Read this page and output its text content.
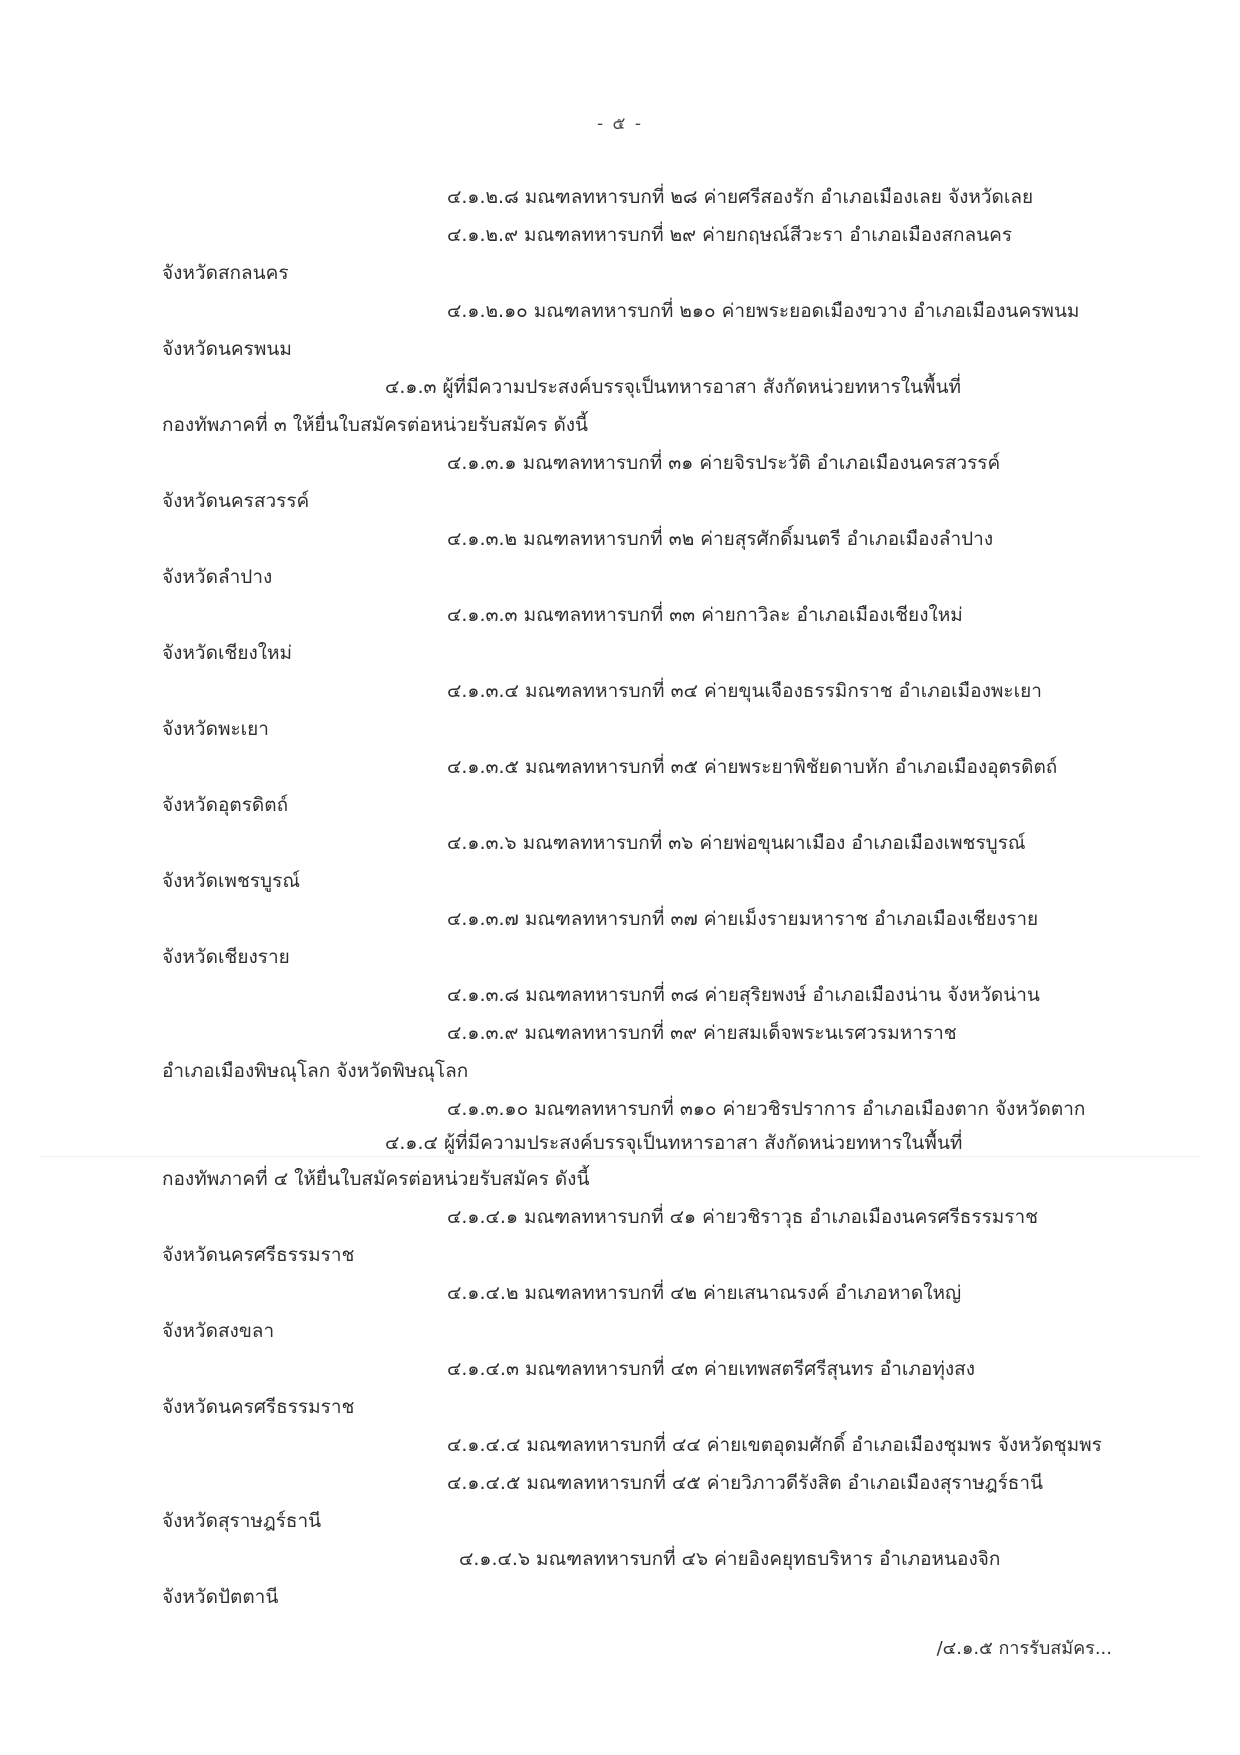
- ๕ -
๔.๑.๒.๘ มณฑลทหารบกที่ ๒๘ ค่ายศรีสองรัก อำเภอเมืองเลย จังหวัดเลย
๔.๑.๒.๙ มณฑลทหารบกที่ ๒๙ ค่ายกฤษณ์สีวะรา อำเภอเมืองสกลนคร
จังหวัดสกลนคร
๔.๑.๒.๑๐ มณฑลทหารบกที่ ๒๑๐ ค่ายพระยอดเมืองขวาง อำเภอเมืองนครพนม
จังหวัดนครพนม
๔.๑.๓ ผู้ที่มีความประสงค์บรรจุเป็นทหารอาสา สังกัดหน่วยทหารในพื้นที่
กองทัพภาคที่ ๓ ให้ยื่นใบสมัครต่อหน่วยรับสมัคร ดังนี้
๔.๑.๓.๑ มณฑลทหารบกที่ ๓๑ ค่ายจิรประวัติ อำเภอเมืองนครสวรรค์
จังหวัดนครสวรรค์
๔.๑.๓.๒ มณฑลทหารบกที่ ๓๒ ค่ายสุรศักดิ์มนตรี อำเภอเมืองลำปาง
จังหวัดลำปาง
๔.๑.๓.๓ มณฑลทหารบกที่ ๓๓ ค่ายกาวิละ อำเภอเมืองเชียงใหม่
จังหวัดเชียงใหม่
๔.๑.๓.๔ มณฑลทหารบกที่ ๓๔ ค่ายขุนเจืองธรรมิกราช อำเภอเมืองพะเยา
จังหวัดพะเยา
๔.๑.๓.๕ มณฑลทหารบกที่ ๓๕ ค่ายพระยาพิชัยดาบหัก อำเภอเมืองอุตรดิตถ์
จังหวัดอุตรดิตถ์
๔.๑.๓.๖ มณฑลทหารบกที่ ๓๖ ค่ายพ่อขุนผาเมือง อำเภอเมืองเพชรบูรณ์
จังหวัดเพชรบูรณ์
๔.๑.๓.๗ มณฑลทหารบกที่ ๓๗ ค่ายเม็งรายมหาราช อำเภอเมืองเชียงราย
จังหวัดเชียงราย
๔.๑.๓.๘ มณฑลทหารบกที่ ๓๘ ค่ายสุริยพงษ์ อำเภอเมืองน่าน จังหวัดน่าน
๔.๑.๓.๙ มณฑลทหารบกที่ ๓๙ ค่ายสมเด็จพระนเรศวรมหาราช
อำเภอเมืองพิษณุโลก จังหวัดพิษณุโลก
๔.๑.๓.๑๐ มณฑลทหารบกที่ ๓๑๐ ค่ายวชิรปราการ อำเภอเมืองตาก จังหวัดตาก
๔.๑.๔ ผู้ที่มีความประสงค์บรรจุเป็นทหารอาสา สังกัดหน่วยทหารในพื้นที่
กองทัพภาคที่ ๔ ให้ยื่นใบสมัครต่อหน่วยรับสมัคร ดังนี้
๔.๑.๔.๑ มณฑลทหารบกที่ ๔๑ ค่ายวชิราวุธ อำเภอเมืองนครศรีธรรมราช
จังหวัดนครศรีธรรมราช
๔.๑.๔.๒ มณฑลทหารบกที่ ๔๒ ค่ายเสนาณรงค์ อำเภอหาดใหญ่
จังหวัดสงขลา
๔.๑.๔.๓ มณฑลทหารบกที่ ๔๓ ค่ายเทพสตรีศรีสุนทร อำเภอทุ่งสง
จังหวัดนครศรีธรรมราช
๔.๑.๔.๔ มณฑลทหารบกที่ ๔๔ ค่ายเขตอุดมศักดิ์ อำเภอเมืองชุมพร จังหวัดชุมพร
๔.๑.๔.๕ มณฑลทหารบกที่ ๔๕ ค่ายวิภาวดีรังสิต อำเภอเมืองสุราษฎร์ธานี
จังหวัดสุราษฎร์ธานี
๔.๑.๔.๖ มณฑลทหารบกที่ ๔๖ ค่ายอิงคยุทธบริหาร อำเภอหนองจิก
จังหวัดปัตตานี
/๔.๑.๕ การรับสมัคร...
